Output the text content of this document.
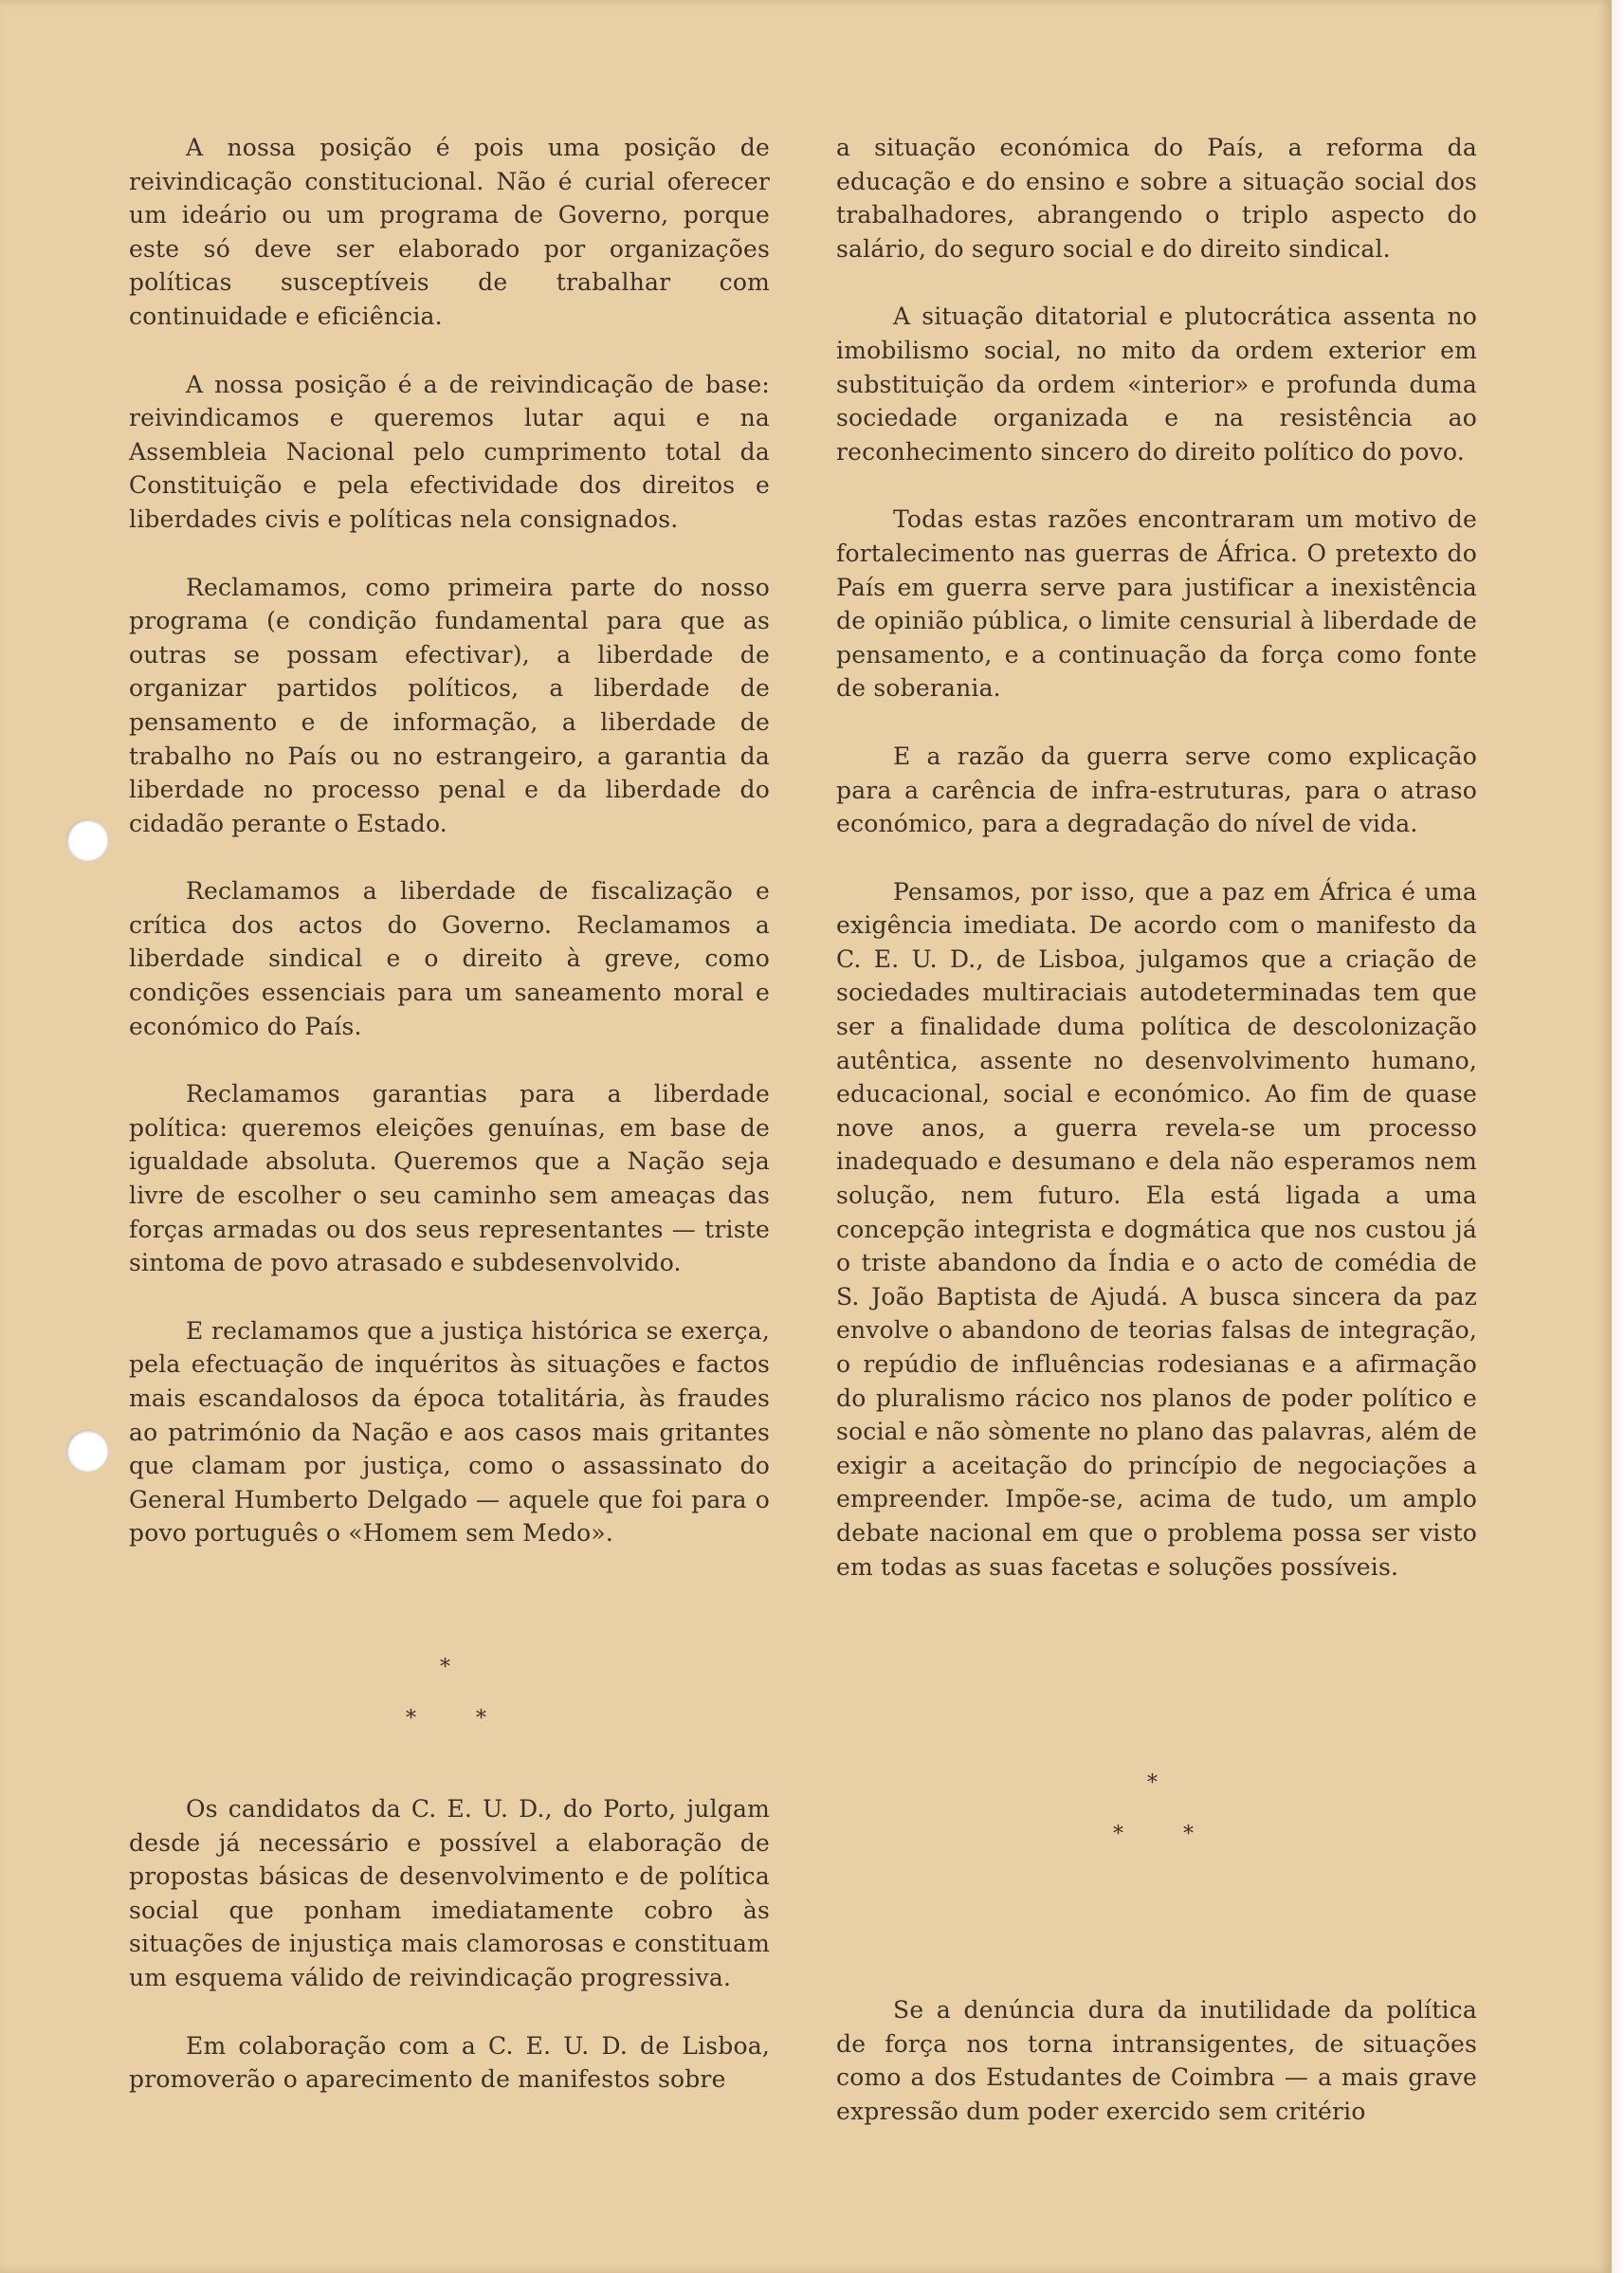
A nossa posição é pois uma posição de reivindicação constitucional. Não é curial oferecer um ideário ou um programa de Governo, porque este só deve ser elaborado por organizações políticas susceptíveis de trabalhar com continuidade e eficiência.

A nossa posição é a de reivindicação de base: reivindicamos e queremos lutar aqui e na Assembleia Nacional pelo cumprimento total da Constituição e pela efectividade dos direitos e liberdades civis e políticas nela consignados.

Reclamamos, como primeira parte do nosso programa (e condição fundamental para que as outras se possam efectivar), a liberdade de organizar partidos políticos, a liberdade de pensamento e de informação, a liberdade de trabalho no País ou no estrangeiro, a garantia da liberdade no processo penal e da liberdade do cidadão perante o Estado.

Reclamamos a liberdade de fiscalização e crítica dos actos do Governo. Reclamamos a liberdade sindical e o direito à greve, como condições essenciais para um saneamento moral e económico do País.

Reclamamos garantias para a liberdade política: queremos eleições genuínas, em base de igualdade absoluta. Queremos que a Nação seja livre de escolher o seu caminho sem ameaças das forças armadas ou dos seus representantes — triste sintoma de povo atrasado e subdesenvolvido.

E reclamamos que a justiça histórica se exerça, pela efectuação de inquéritos às situações e factos mais escandalosos da época totalitária, às fraudes ao património da Nação e aos casos mais gritantes que clamam por justiça, como o assassinato do General Humberto Delgado — aquele que foi para o povo português o «Homem sem Medo».

*
*	*

Os candidatos da C. E. U. D., do Porto, julgam desde já necessário e possível a elaboração de propostas básicas de desenvolvimento e de política social que ponham imediatamente cobro às situações de injustiça mais clamorosas e constituam um esquema válido de reivindicação progressiva.

Em colaboração com a C. E. U. D. de Lisboa, promoverão o aparecimento de manifestos sobre

a situação económica do País, a reforma da educação e do ensino e sobre a situação social dos trabalhadores, abrangendo o triplo aspecto do salário, do seguro social e do direito sindical.

A situação ditatorial e plutocrática assenta no imobilismo social, no mito da ordem exterior em substituição da ordem «interior» e profunda duma sociedade organizada e na resistência ao reconhecimento sincero do direito político do povo.

Todas estas razões encontraram um motivo de fortalecimento nas guerras de África. O pretexto do País em guerra serve para justificar a inexistência de opinião pública, o limite censurial à liberdade de pensamento, e a continuação da força como fonte de soberania.

E a razão da guerra serve como explicação para a carência de infra-estruturas, para o atraso económico, para a degradação do nível de vida.

Pensamos, por isso, que a paz em África é uma exigência imediata. De acordo com o manifesto da C. E. U. D., de Lisboa, julgamos que a criação de sociedades multiraciais autodeterminadas tem que ser a finalidade duma política de descolonização autêntica, assente no desenvolvimento humano, educacional, social e económico. Ao fim de quase nove anos, a guerra revela-se um processo inadequado e desumano e dela não esperamos nem solução, nem futuro. Ela está ligada a uma concepção integrista e dogmática que nos custou já o triste abandono da Índia e o acto de comédia de S. João Baptista de Ajudá. A busca sincera da paz envolve o abandono de teorias falsas de integração, o repúdio de influências rodesianas e a afirmação do pluralismo rácico nos planos de poder político e social e não sòmente no plano das palavras, além de exigir a aceitação do princípio de negociações a empreender. Impõe-se, acima de tudo, um amplo debate nacional em que o problema possa ser visto em todas as suas facetas e soluções possíveis.

*
*	*

Se a denúncia dura da inutilidade da política de força nos torna intransigentes, de situações como a dos Estudantes de Coimbra — a mais grave expressão dum poder exercido sem critério
